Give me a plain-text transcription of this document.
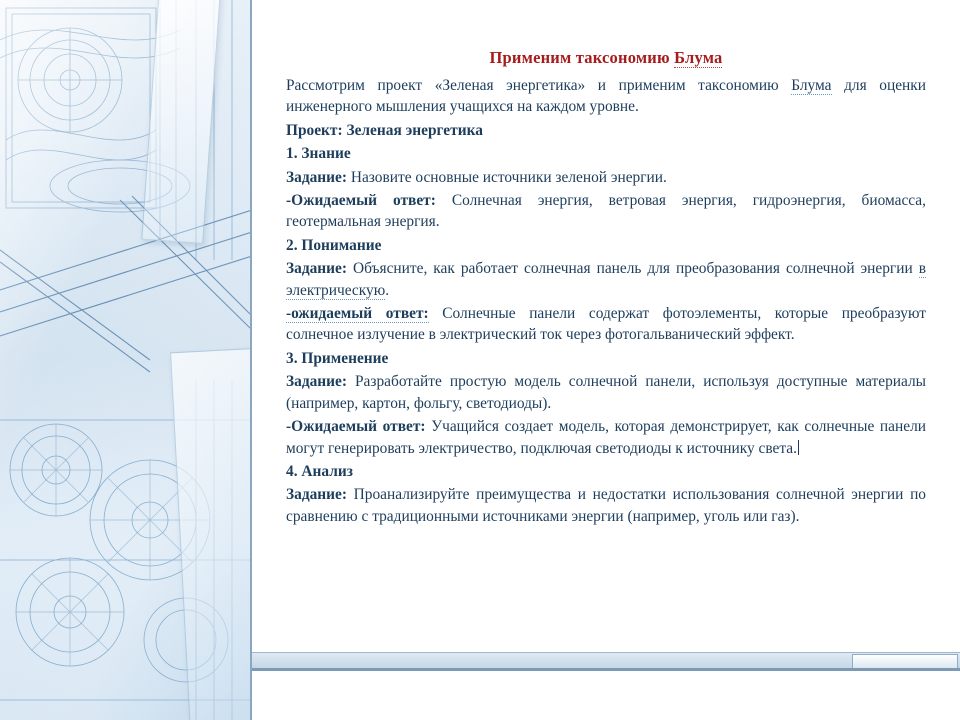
Применим таксономию Блума

Рассмотрим проект «Зеленая энергетика» и применим таксономию Блума для оценки инженерного мышления учащихся на каждом уровне.

Проект: Зеленая энергетика

1. Знание

Задание: Назовите основные источники зеленой энергии.

-Ожидаемый ответ: Солнечная энергия, ветровая энергия, гидроэнергия, биомасса, геотермальная энергия.

2. Понимание

Задание: Объясните, как работает солнечная панель для преобразования солнечной энергии в электрическую.

-ожидаемый ответ: Солнечные панели содержат фотоэлементы, которые преобразуют солнечное излучение в электрический ток через фотогальванический эффект.

3. Применение

Задание: Разработайте простую модель солнечной панели, используя доступные материалы (например, картон, фольгу, светодиоды).

-Ожидаемый ответ: Учащийся создает модель, которая демонстрирует, как солнечные панели могут генерировать электричество, подключая светодиоды к источнику света.

4. Анализ

Задание: Проанализируйте преимущества и недостатки использования солнечной энергии по сравнению с традиционными источниками энергии (например, уголь или газ).
